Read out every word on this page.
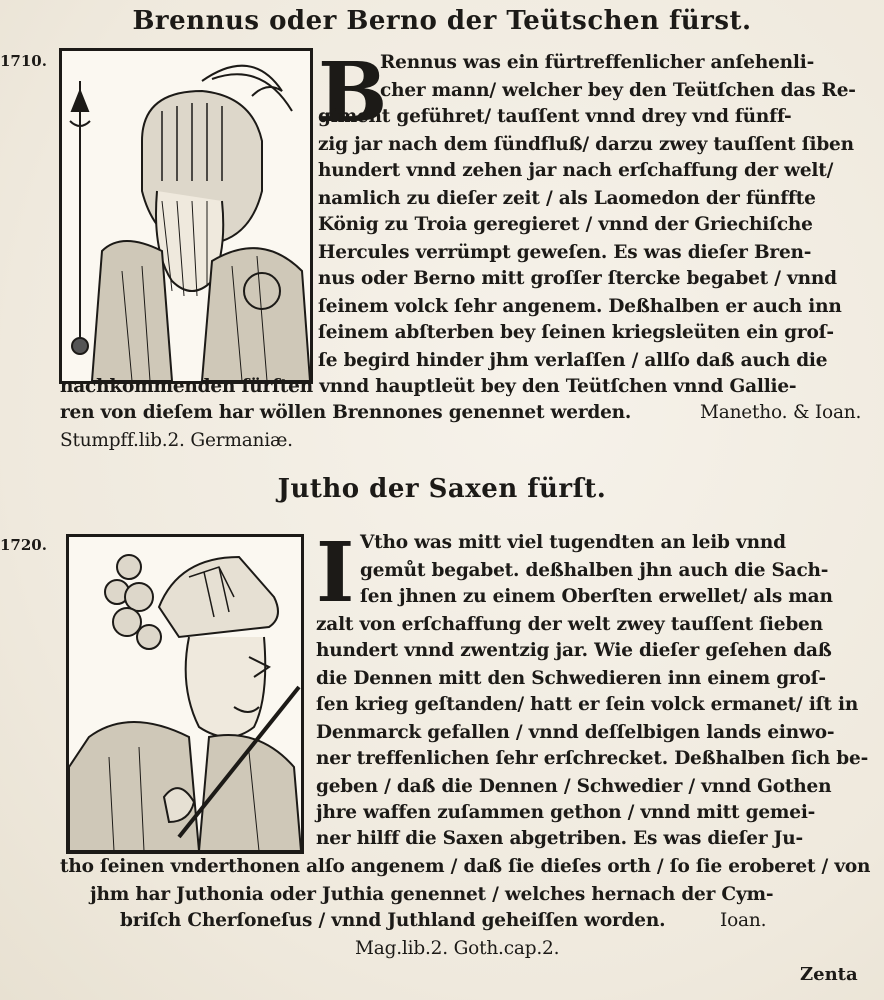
Brennus oder Berno der Teütschen fürst.
1710.	B
Rennus was ein fürtreffenlicher anſehenli-
cher mann/ welcher bey den Teütſchen das Re-
giment geführet/ tauſſent vnnd drey vnd fünff-
zig jar nach dem ſündfluß/ darzu zwey tauſſent ſiben
hundert vnnd zehen jar nach erſchaffung der welt/
namlich zu dieſer zeit / als Laomedon der fünffte
König zu Troia geregieret / vnnd der Griechiſche
Hercules verrümpt geweſen. Es was dieſer Bren-
nus oder Berno mitt groſſer ſtercke begabet / vnnd
ſeinem volck ſehr angenem. Deßhalben er auch inn
ſeinem abſterben bey ſeinen kriegsleüten ein groſ-
ſe begird hinder jhm verlaſſen / allſo daß auch die
nachkommenden fürſten vnnd hauptleüt bey den Teütſchen vnnd Gallie-
ren von dieſem har wöllen Brennones genennet werden.	Manetho. & Ioan.
Stumpff.lib.2. Germaniæ.
Jutho der Saxen fürſt.
1720.	I Vtho was mitt viel tugendten an leib vnnd
gemůt begabet. deßhalben jhn auch die Sach-
ſen jhnen zu einem Oberſten erwellet/ als man
zalt von erſchaffung der welt zwey tauſſent ſieben
hundert vnnd zwentzig jar. Wie dieſer geſehen daß
die Dennen mitt den Schwedieren inn einem groſ-
ſen krieg geſtanden/ hatt er ſein volck ermanet/ iſt in
Denmarck gefallen / vnnd deſſelbigen lands einwo-
ner treffenlichen ſehr erſchrecket. Deßhalben ſich be-
geben / daß die Dennen / Schwedier / vnnd Gothen
jhre waffen zuſammen gethon / vnnd mitt gemei-
ner hilff die Saxen abgetriben. Es was dieſer Ju-
tho ſeinen vnderthonen alſo angenem / daß ſie dieſes orth / ſo ſie eroberet / von
jhm har Juthonia oder Juthia genennet / welches hernach der Cym-
briſch Cherſoneſus / vnnd Juthland geheiſſen worden.	Ioan.
Mag.lib.2. Goth.cap.2.
Zenta
